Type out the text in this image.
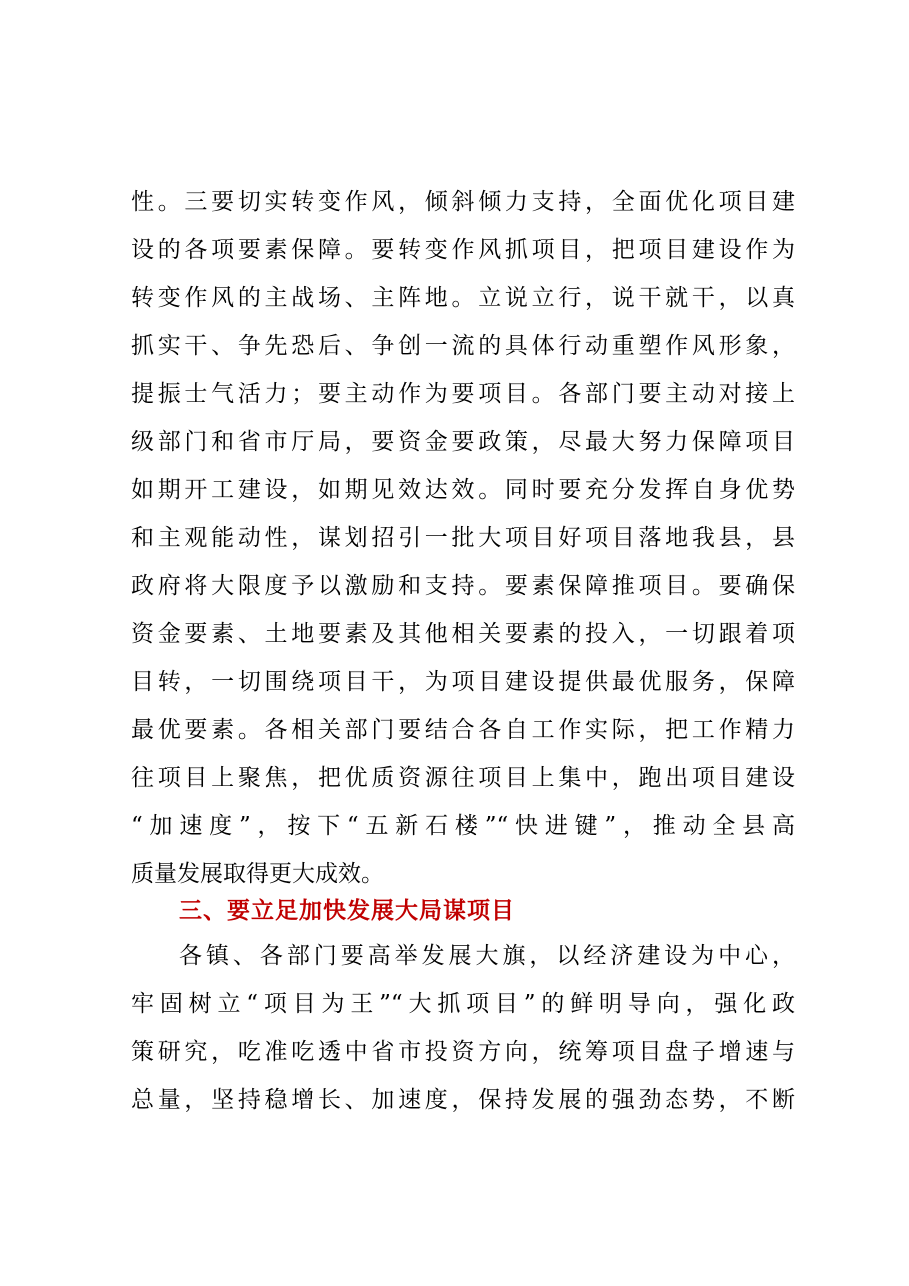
性。三要切实转变作风，倾斜倾力支持，全面优化项目建
设的各项要素保障。要转变作风抓项目，把项目建设作为
转变作风的主战场、主阵地。立说立行，说干就干，以真
抓实干、争先恐后、争创一流的具体行动重塑作风形象，
提振士气活力；要主动作为要项目。各部门要主动对接上
级部门和省市厅局，要资金要政策，尽最大努力保障项目
如期开工建设，如期见效达效。同时要充分发挥自身优势
和主观能动性，谋划招引一批大项目好项目落地我县，县
政府将大限度予以激励和支持。要素保障推项目。要确保
资金要素、土地要素及其他相关要素的投入，一切跟着项
目转，一切围绕项目干，为项目建设提供最优服务，保障
最优要素。各相关部门要结合各自工作实际，把工作精力
往项目上聚焦，把优质资源往项目上集中，跑出项目建设
“加速度”，按下“五新石楼”“快进键”，推动全县高
质量发展取得更大成效。
三、要立足加快发展大局谋项目
各镇、各部门要高举发展大旗，以经济建设为中心，
牢固树立“项目为王”“大抓项目”的鲜明导向，强化政
策研究，吃准吃透中省市投资方向，统筹项目盘子增速与
总量，坚持稳增长、加速度，保持发展的强劲态势，不断
